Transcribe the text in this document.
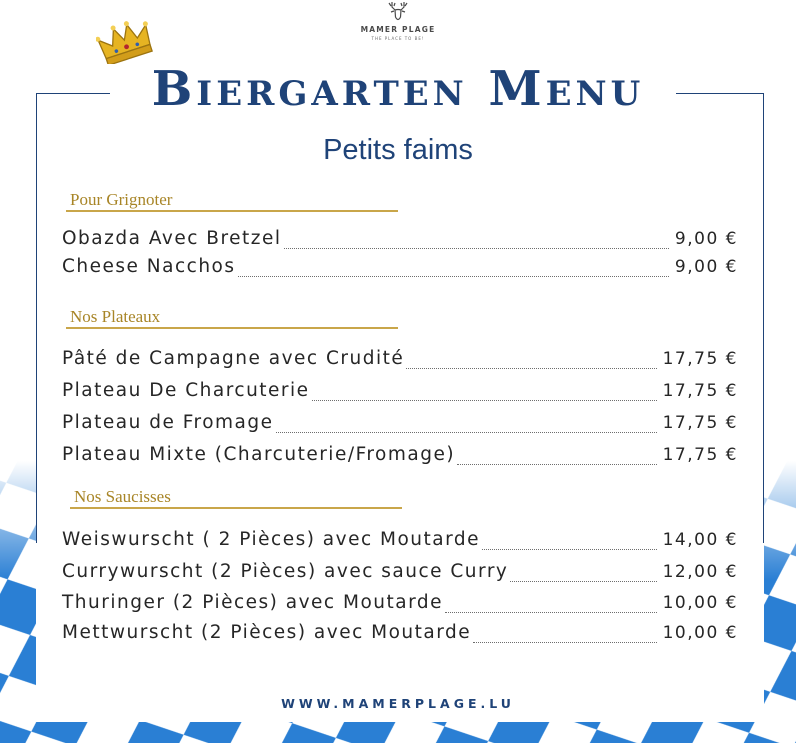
MAMER PLAGE
THE PLACE TO BE!
Biergarten Menu
Petits faims
Pour Grignoter
Obazda Avec Bretzel	9,00 €
Cheese Nacchos	9,00 €
Nos Plateaux
Pâté de Campagne avec Crudité	17,75 €
Plateau De Charcuterie	17,75 €
Plateau de Fromage	17,75 €
Plateau Mixte (Charcuterie/Fromage)	17,75 €
Nos Saucisses
Weiswurscht ( 2 Pièces) avec Moutarde	14,00 €
Currywurscht (2 Pièces) avec sauce Curry	12,00 €
Thuringer (2 Pièces) avec Moutarde	10,00 €
Mettwurscht (2 Pièces) avec Moutarde	10,00 €
WWW.MAMERPLAGE.LU
